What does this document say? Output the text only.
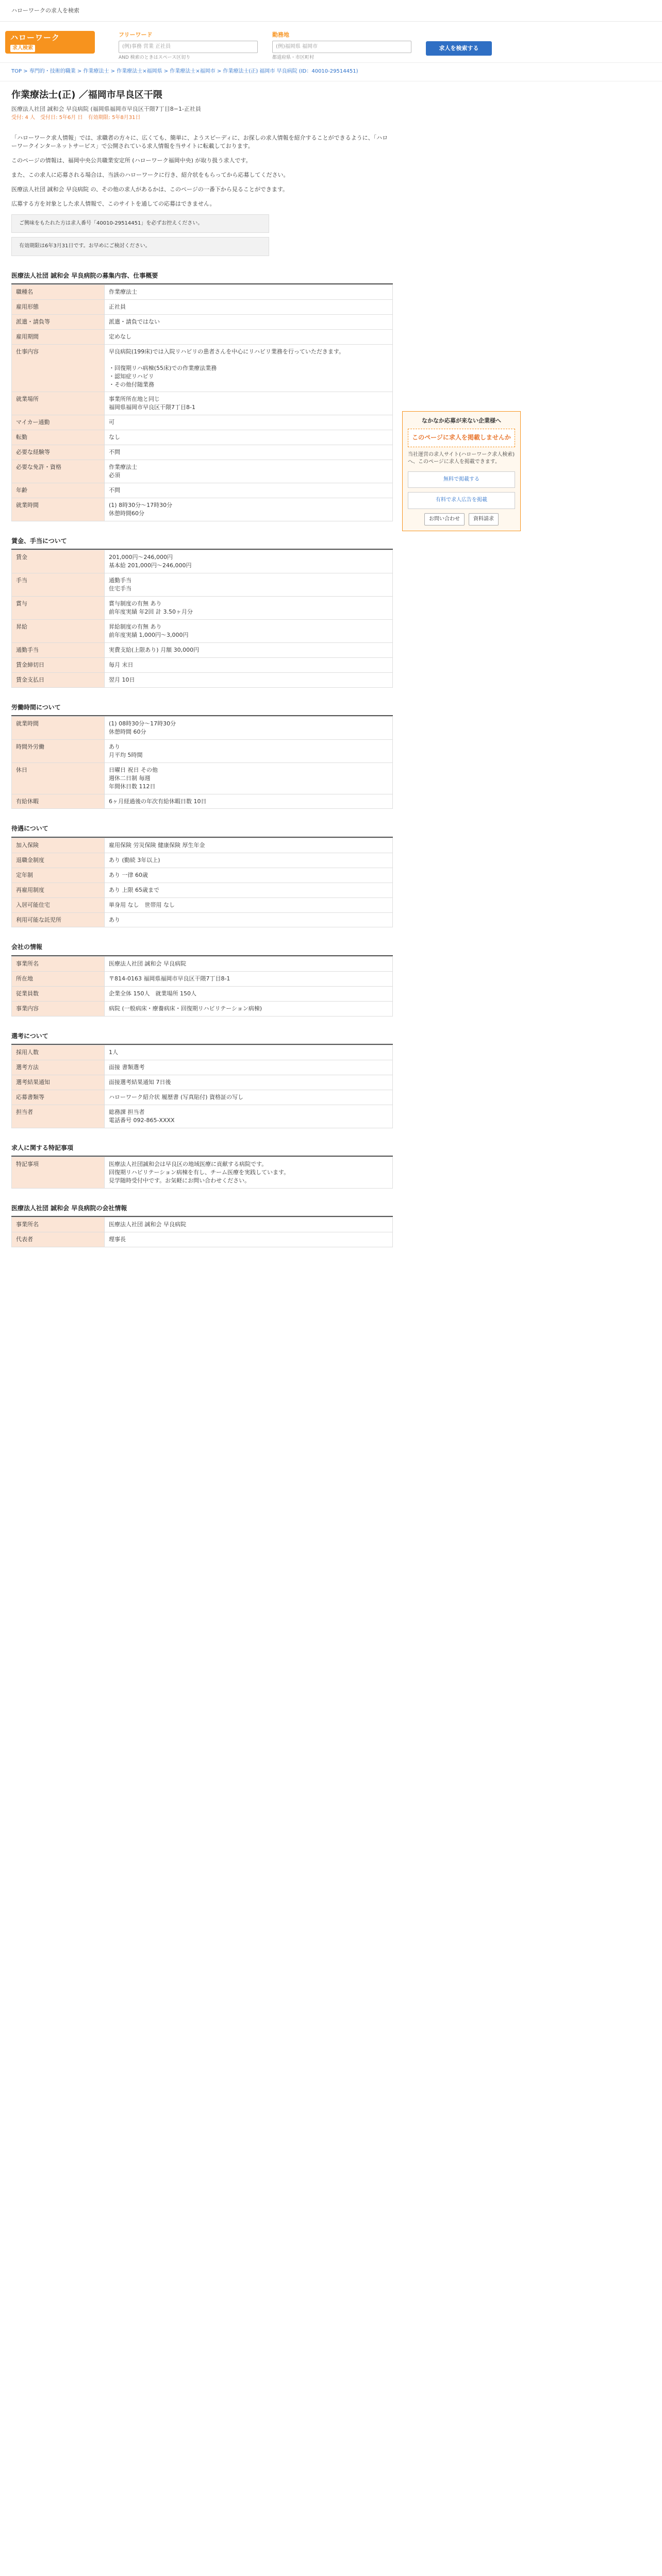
ハローワークの求人を検索
ハローワーク
求人検索
フリーワード
(例)事務 営業 正社員
AND 検索のときはスペース区切り
勤務地
(例)福岡県 福岡市
都道府県・市区町村
求人を検索する
TOP > 専門的・技術的職業 > 作業療法士 > 作業療法士×福岡県 > 作業療法士×福岡市 > 作業療法士(正) 福岡市 早良病院 (ID：40010-29514451)
作業療法士(正) ／福岡市早良区干隈
医療法人社団 誠和会 早良病院 (福岡県福岡市早良区干隈7丁目8−1-正社員
受付: 4 人　受付日: 5年6月 日　有効期限: 5年8月31日

「ハローワーク求人情報」では、求職者の方々に、広くても、簡単に、ようスピーディに、お探しの求人情報を紹介することができるように、「ハローワークインターネットサービス」で公開されている求人情報を当サイトに転載しております。

このページの情報は、福岡中央公共職業安定所 (ハローワーク福岡中央) が取り扱う求人です。

また、この求人に応募される場合は、当該のハローワークに行き、紹介状をもらってから応募してください。

医療法人社団 誠和会 早良病院 の、その他の求人があるかは、このページの一番下から見ることができます。

広募する方を対象とした求人情報で、このサイトを通しての応募はできません。

ご興味をもたれた方は求人番号「40010-29514451」を必ずお控えください。
有効期限は6年3月31日です。お早めにご検討ください。
医療法人社団 誠和会 早良病院の募集内容、仕事概要
職種名	作業療法士
雇用形態	正社員
派遣・請負等	派遣・請負ではない
雇用期間	定めなし
仕事内容	早良病院(199床)では入院リハビリの患者さんを中心にリハビリ業務を行っていただきます。

・回復期リハ病棟(55床)での作業療法業務
・認知症リハビリ
・その他付随業務
就業場所	事業所所在地と同じ
福岡県福岡市早良区干隈7丁目8-1
マイカー通勤	可
転勤	なし
必要な経験等	不問
必要な免許・資格	作業療法士
必須
年齢	不問
就業時間	(1) 8時30分〜17時30分
休憩時間60分
賃金、手当について
賃金	201,000円〜246,000円
基本給 201,000円〜246,000円
手当	通勤手当
住宅手当
賞与	賞与制度の有無 あり
前年度実績 年2回 計 3.50ヶ月分
昇給	昇給制度の有無 あり
前年度実績 1,000円〜3,000円
通勤手当	実費支給(上限あり) 月額 30,000円
賃金締切日	毎月 末日
賃金支払日	翌月 10日
労働時間について
就業時間	(1) 08時30分〜17時30分
休憩時間 60分
時間外労働	あり
月平均 5時間
休日	日曜日 祝日 その他
週休二日制 毎週
年間休日数 112日
有給休暇	6ヶ月経過後の年次有給休暇日数 10日
待遇について
加入保険	雇用保険 労災保険 健康保険 厚生年金
退職金制度	あり (勤続 3年以上)
定年制	あり 一律 60歳
再雇用制度	あり 上限 65歳まで
入居可能住宅	単身用 なし　世帯用 なし
利用可能な託児所	あり
会社の情報
事業所名	医療法人社団 誠和会 早良病院
所在地	〒814-0163 福岡県福岡市早良区干隈7丁目8-1
従業員数	企業全体 150人　就業場所 150人
事業内容	病院 (一般病床・療養病床・回復期リハビリテーション病棟)
選考について
採用人数	1人
選考方法	面接 書類選考
選考結果通知	面接選考結果通知 7日後
応募書類等	ハローワーク紹介状 履歴書 (写真貼付) 資格証の写し
担当者	総務課 担当者
電話番号 092-865-XXXX
求人に関する特記事項
特記事項	医療法人社団誠和会は早良区の地域医療に貢献する病院です。
回復期リハビリテーション病棟を有し、チーム医療を実践しています。
見学随時受付中です。お気軽にお問い合わせください。
医療法人社団 誠和会 早良病院の会社情報
事業所名	医療法人社団 誠和会 早良病院
代表者	理事長
なかなか応募が来ない企業様へ
このページに求人を掲載しませんか
当社運営の求人サイト(ハローワーク求人検索)へ、このページに求人を掲載できます。
無料で掲載する
有料で求人広告を掲載
お問い合わせ	資料請求
